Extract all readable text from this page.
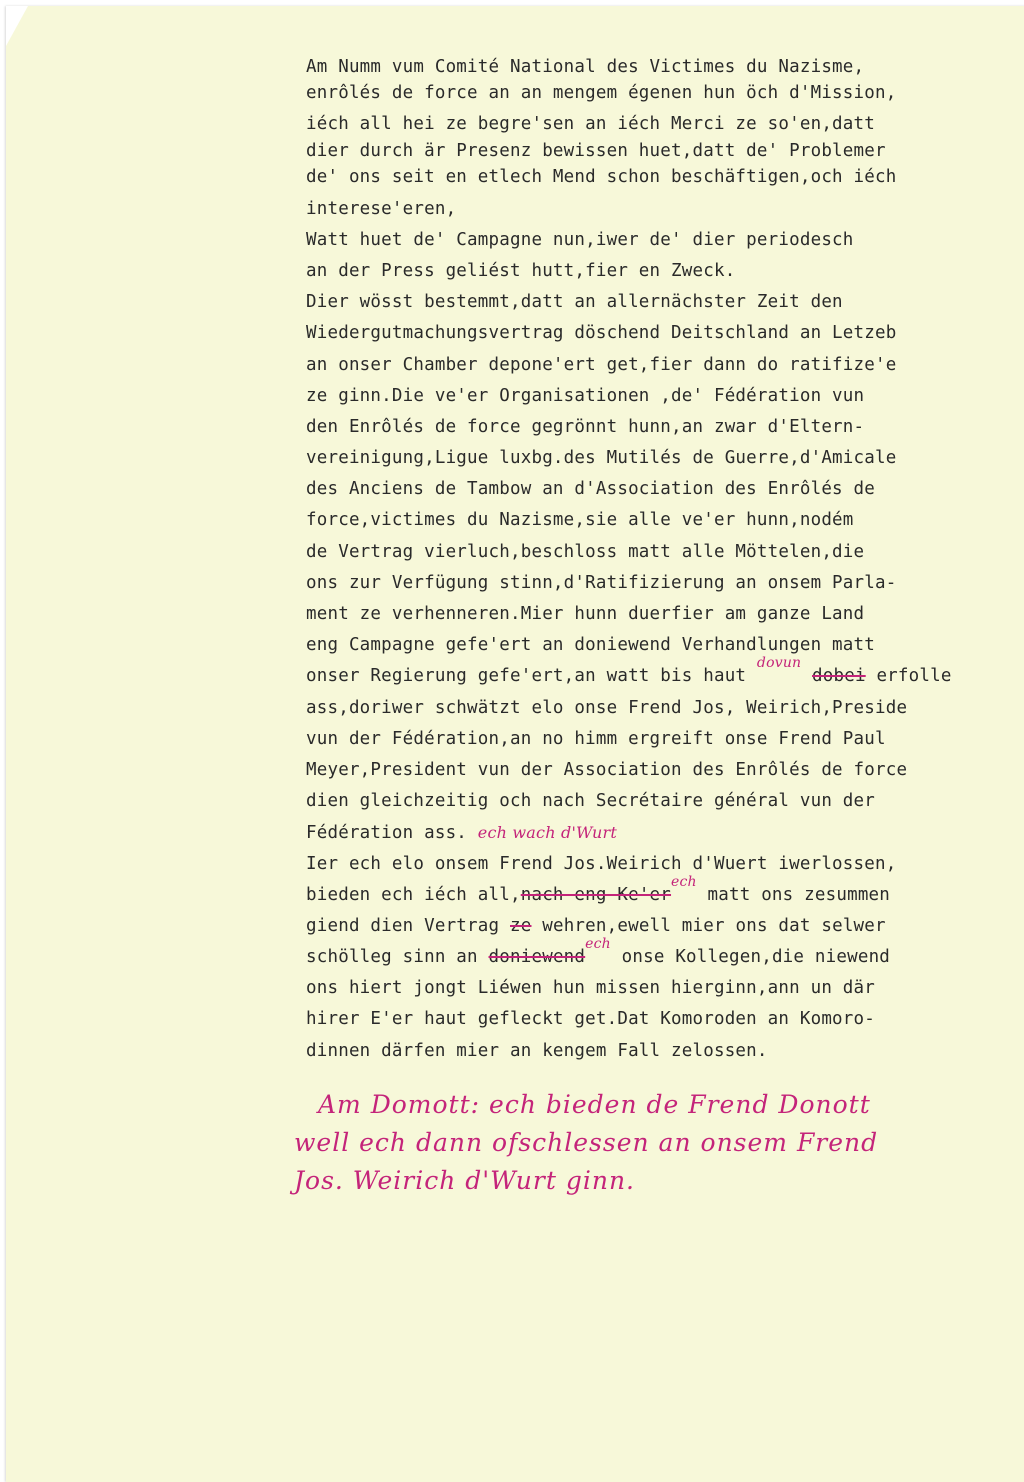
Am Numm vum Comité National des Victimes du Nazisme,
enrôlés de force an an mengem égenen hun öch d'Mission,
iéch all hei ze begre'sen an iéch Merci ze so'en,datt
dier durch är Presenz bewissen huet,datt de' Problemer
de' ons seit en etlech Mend schon beschäftigen,och iéch
interese'eren,
Watt huet de' Campagne nun,iwer de' dier periodesch
an der Press geliést hutt,fier en Zweck.
Dier wösst bestemmt,datt an allernächster Zeit den
Wiedergutmachungsvertrag döschend Deitschland an Letzeb
an onser Chamber depone'ert get,fier dann do ratifize'e
ze ginn.Die ve'er Organisationen ,de' Fédération vun
den Enrôlés de force gegrönnt hunn,an zwar d'Eltern-
vereinigung,Ligue luxbg.des Mutilés de Guerre,d'Amicale
des Anciens de Tambow an d'Association des Enrôlés de
force,victimes du Nazisme,sie alle ve'er hunn,nodém
de Vertrag vierluch,beschloss matt alle Möttelen,die
ons zur Verfügung stinn,d'Ratifizierung an onsem Parla-
ment ze verhenneren.Mier hunn duerfier am ganze Land
eng Campagne gefe'ert an doniewend Verhandlungen matt
onser Regierung gefe'ert,an watt bis haut $^{dovun}$ dobei erfolle
ass,doriwer schwätzt elo onse Frend Jos, Weirich,Preside
vun der Fédération,an no himm ergreift onse Frend Paul
Meyer,President vun der Association des Enrôlés de force
dien gleichzeitig och nach Secrétaire général vun der
Fédération ass. ech wach d'Wurt
Ier ech elo onsem Frend Jos.Weirich d'Wuert iwerlossen,
bieden ech iéch all,nach eng $Ke'er^{ech}$ matt ons zesummen
giend dien Vertrag ze wehren,ewell mier ons dat selwer
schölleg sinn an doniewend$^{ech}$ onse Kollegen,die niewend
ons hiert jongt Liéwen hun missen hierginn,ann un där
hirer E'er haut gefleckt get.Dat Komoroden an Komoro-
dinnen därfen mier an kengem Fall zelossen.
Am Domott: ech bieden de Frend Donott
well ech dann ofschlessen an onsem Frend
Jos. Weirich d'Wurt ginn.
